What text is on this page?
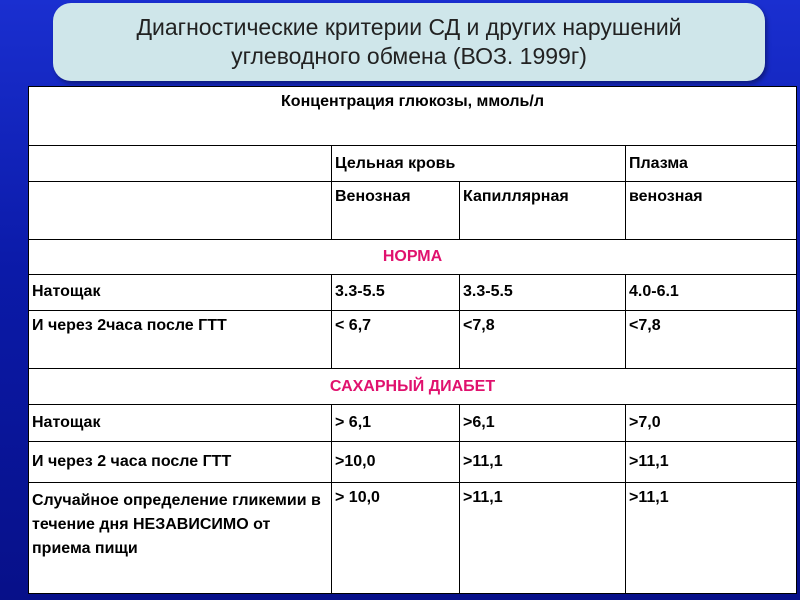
Диагностические критерии СД и других нарушений
углеводного обмена (ВОЗ. 1999г)
Концентрация глюкозы, ммоль/л			
	Цельная кровь		Плазма
	Венозная	Капиллярная	венозная
НОРМА			
Натощак	3.3-5.5	3.3-5.5	4.0-6.1
И через 2часа после ГТТ	< 6,7	<7,8	<7,8
САХАРНЫЙ ДИАБЕТ			
Натощак	> 6,1	>6,1	>7,0
И через 2 часа после ГТТ	>10,0	>11,1	>11,1
Случайное определение гликемии в течение дня НЕЗАВИСИМО от приема пищи	> 10,0	>11,1	>11,1
